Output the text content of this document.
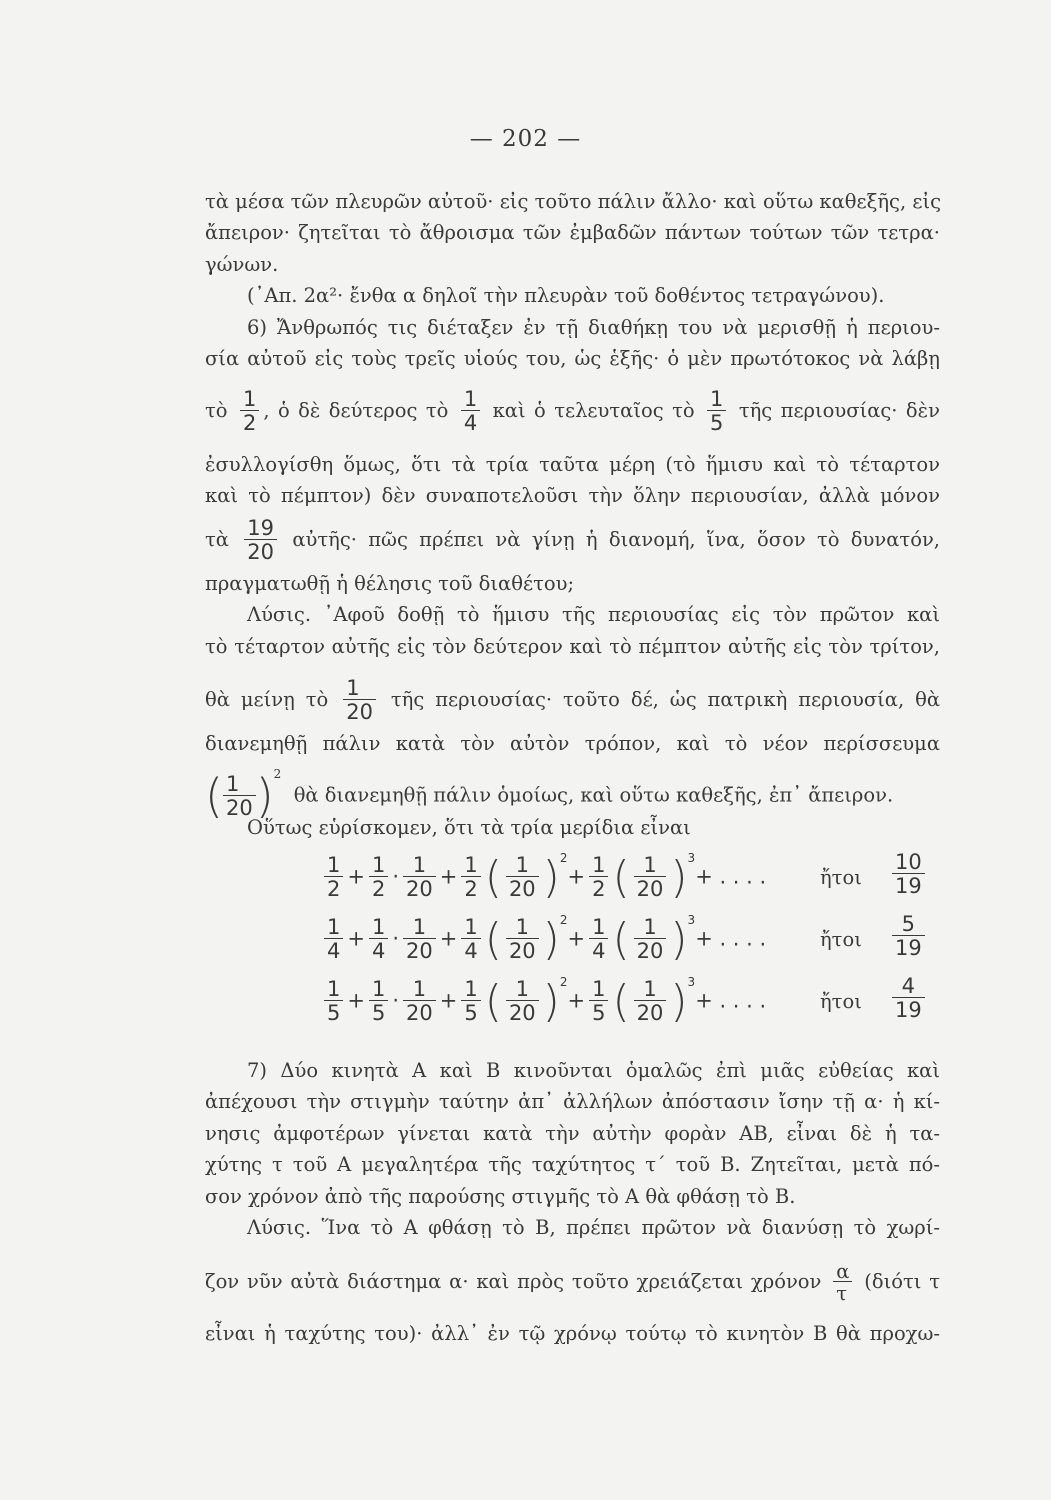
— 202 —
τὰ μέσα τῶν πλευρῶν αὐτοῦ· εἰς τοῦτο πάλιν ἄλλο· καὶ οὕτω καθεξῆς, εἰς
ἄπειρον· ζητεῖται τὸ ἄθροισμα τῶν ἐμβαδῶν πάντων τούτων τῶν τετρα·
γώνων.
(᾿Απ. 2α²· ἔνθα α δηλοῖ τὴν πλευρὰν τοῦ δοθέντος τετραγώνου).
6) Ἄνθρωπός τις διέταξεν ἐν τῇ διαθήκῃ του νὰ μερισθῇ ἡ περιου-
σία αὐτοῦ εἰς τοὺς τρεῖς υἱούς του, ὡς ἑξῆς· ὁ μὲν πρωτότοκος νὰ λάβῃ
τὸ $\frac{1}{2}$ , ὁ δὲ δεύτερος τὸ $\frac{1}{4}$ καὶ ὁ τελευταῖος τὸ $\frac{1}{5}$ τῆς περιουσίας· δὲν
ἐσυλλογίσθη ὅμως, ὅτι τὰ τρία ταῦτα μέρη (τὸ ἥμισυ καὶ τὸ τέταρτον
καὶ τὸ πέμπτον) δὲν συναποτελοῦσι τὴν ὅλην περιουσίαν, ἀλλὰ μόνον
τὰ $\frac{19}{20}$ αὐτῆς· πῶς πρέπει νὰ γίνῃ ἡ διανομή, ἵνα, ὅσον τὸ δυνατόν,
πραγματωθῇ ἡ θέλησις τοῦ διαθέτου;
Λύσις. ᾿Αφοῦ δοθῇ τὸ ἥμισυ τῆς περιουσίας εἰς τὸν πρῶτον καὶ
τὸ τέταρτον αὐτῆς εἰς τὸν δεύτερον καὶ τὸ πέμπτον αὐτῆς εἰς τὸν τρίτον,
θὰ μείνῃ τὸ $\frac{1}{20}$ τῆς περιουσίας· τοῦτο δέ, ὡς πατρικὴ περιουσία, θὰ
διανεμηθῇ πάλιν κατὰ τὸν αὐτὸν τρόπον, καὶ τὸ νέον περίσσευμα
( $\frac{1}{20} )^2$  θὰ διανεμηθῇ πάλιν ὁμοίως, καὶ οὕτω καθεξῆς, ἐπ᾿ ἄπειρον.
Οὕτως εὑρίσκομεν, ὅτι τὰ τρία μερίδια εἶναι
$\frac{1}{2} + \frac{1}{2} \cdot \frac{1}{20} + \frac{1}{2}$ ( $\frac{1}{20} )^2+ \frac{1}{2}$ ( $\frac{1}{20} )^3+$ . . . .	ἤτοι $\frac{10}{19}$
$\frac{1}{4} + \frac{1}{4} \cdot \frac{1}{20} + \frac{1}{4}$ ( $\frac{1}{20} )^2+ \frac{1}{4}$ ( $\frac{1}{20} )^3+$ . . . .	ἤτοι $\frac{5}{19}$
$\frac{1}{5} + \frac{1}{5} \cdot \frac{1}{20} + \frac{1}{5}$ ( $\frac{1}{20} )^2+ \frac{1}{5}$ ( $\frac{1}{20} )^3+$ . . . .	ἤτοι $\frac{4}{19}$
7) Δύο κινητὰ Α καὶ Β κινοῦνται ὁμαλῶς ἐπὶ μιᾶς εὐθείας καὶ
ἀπέχουσι τὴν στιγμὴν ταύτην ἀπ᾿ ἀλλήλων ἀπόστασιν ἴσην τῇ α· ἡ κί-
νησις ἀμφοτέρων γίνεται κατὰ τὴν αὐτὴν φορὰν ΑΒ, εἶναι δὲ ἡ τα-
χύτης τ τοῦ Α μεγαλητέρα τῆς ταχύτητος τ΄ τοῦ Β. Ζητεῖται, μετὰ πό-
σον χρόνον ἀπὸ τῆς παρούσης στιγμῆς τὸ Α θὰ φθάσῃ τὸ Β.
Λύσις. Ἵνα τὸ Α φθάσῃ τὸ Β, πρέπει πρῶτον νὰ διανύσῃ τὸ χωρί-
ζον νῦν αὐτὰ διάστημα α· καὶ πρὸς τοῦτο χρειάζεται χρόνον $\frac{\alpha}{\tau} (\delta\iota ό\tau\iota$ τ
εἶναι ἡ ταχύτης του)· ἀλλ᾿ ἐν τῷ χρόνῳ τούτῳ τὸ κινητὸν Β θὰ προχω-
